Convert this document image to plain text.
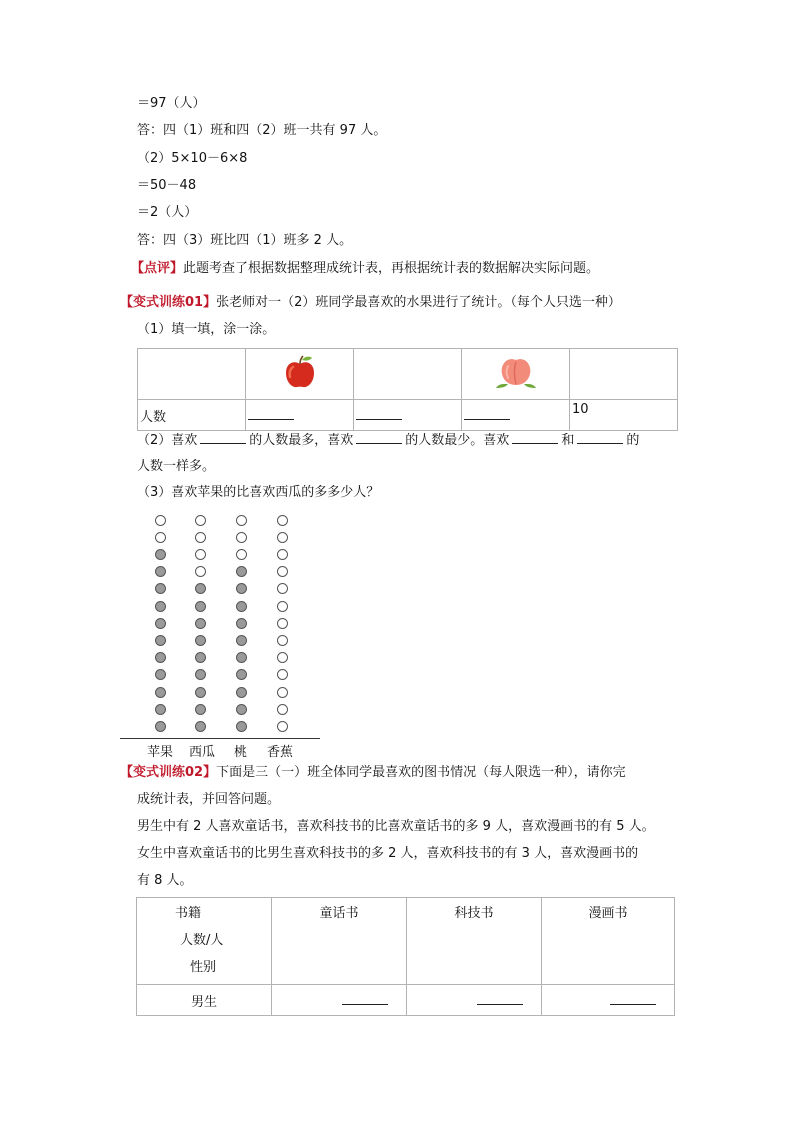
＝97（人）
答：四（1）班和四（2）班一共有 97 人。
（2）5×10－6×8
＝50－48
＝2（人）
答：四（3）班比四（1）班多 2 人。
【点评】此题考查了根据数据整理成统计表，再根据统计表的数据解决实际问题。
【变式训练01】张老师对一（2）班同学最喜欢的水果进行了统计。（每个人只选一种）
（1）填一填，涂一涂。

人数				10
（2）喜欢	的人数最多，喜欢	的人数最少。喜欢	和	的
人数一样多。
（3）喜欢苹果的比喜欢西瓜的多多少人？
苹果 西瓜 桃 香蕉
【变式训练02】下面是三（一）班全体同学最喜欢的图书情况（每人限选一种），请你完
成统计表，并回答问题。
男生中有 2 人喜欢童话书，喜欢科技书的比喜欢童话书的多 9 人，喜欢漫画书的有 5 人。
女生中喜欢童话书的比男生喜欢科技书的多 2 人，喜欢科技书的有 3 人，喜欢漫画书的
有 8 人。
书籍
人数/人
性别	童话书	科技书	漫画书
男生			
